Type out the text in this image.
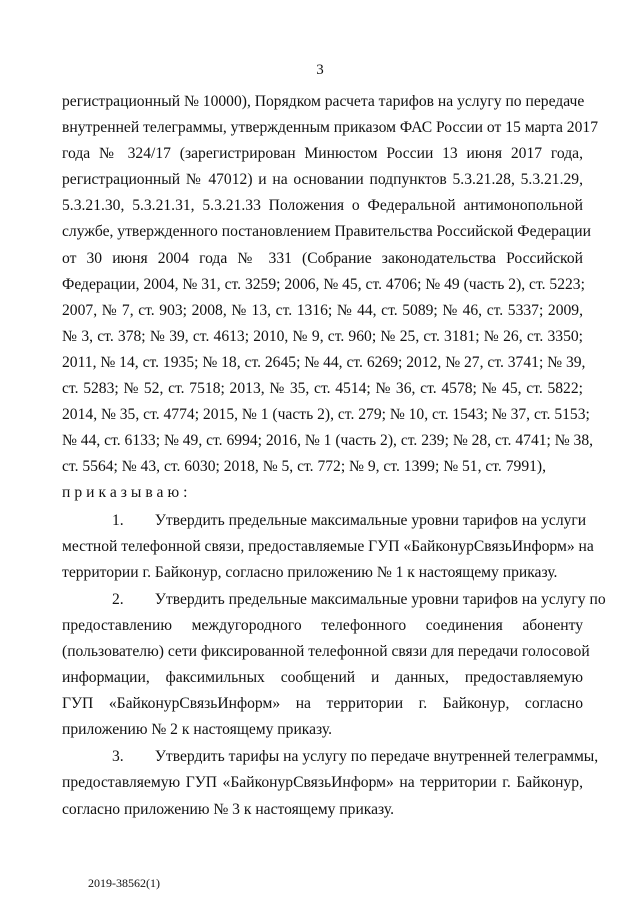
3
регистрационный № 10000), Порядком расчета тарифов на услугу по передаче
внутренней телеграммы, утвержденным приказом ФАС России от 15 марта 2017
года № 324/17 (зарегистрирован Минюстом России 13 июня 2017 года,
регистрационный № 47012) и на основании подпунктов 5.3.21.28, 5.3.21.29,
5.3.21.30, 5.3.21.31, 5.3.21.33 Положения о Федеральной антимонопольной
службе, утвержденного постановлением Правительства Российской Федерации
от 30 июня 2004 года № 331 (Собрание законодательства Российской
Федерации, 2004, № 31, ст. 3259; 2006, № 45, ст. 4706; № 49 (часть 2), ст. 5223;
2007, № 7, ст. 903; 2008, № 13, ст. 1316; № 44, ст. 5089; № 46, ст. 5337; 2009,
№ 3, ст. 378; № 39, ст. 4613; 2010, № 9, ст. 960; № 25, ст. 3181; № 26, ст. 3350;
2011, № 14, ст. 1935; № 18, ст. 2645; № 44, ст. 6269; 2012, № 27, ст. 3741; № 39,
ст. 5283; № 52, ст. 7518; 2013, № 35, ст. 4514; № 36, ст. 4578; № 45, ст. 5822;
2014, № 35, ст. 4774; 2015, № 1 (часть 2), ст. 279; № 10, ст. 1543; № 37, ст. 5153;
№ 44, ст. 6133; № 49, ст. 6994; 2016, № 1 (часть 2), ст. 239; № 28, ст. 4741; № 38,
ст. 5564; № 43, ст. 6030; 2018, № 5, ст. 772; № 9, ст. 1399; № 51, ст. 7991),
приказываю:
1.        Утвердить предельные максимальные уровни тарифов на услуги
местной телефонной связи, предоставляемые ГУП «БайконурСвязьИнформ» на
территории г. Байконур, согласно приложению № 1 к настоящему приказу.
2.        Утвердить предельные максимальные уровни тарифов на услугу по
предоставлению междугородного телефонного соединения абоненту
(пользователю) сети фиксированной телефонной связи для передачи голосовой
информации, факсимильных сообщений и данных, предоставляемую
ГУП «БайконурСвязьИнформ» на территории г. Байконур, согласно
приложению № 2 к настоящему приказу.
3.        Утвердить тарифы на услугу по передаче внутренней телеграммы,
предоставляемую ГУП «БайконурСвязьИнформ» на территории г. Байконур,
согласно приложению № 3 к настоящему приказу.
2019-38562(1)
